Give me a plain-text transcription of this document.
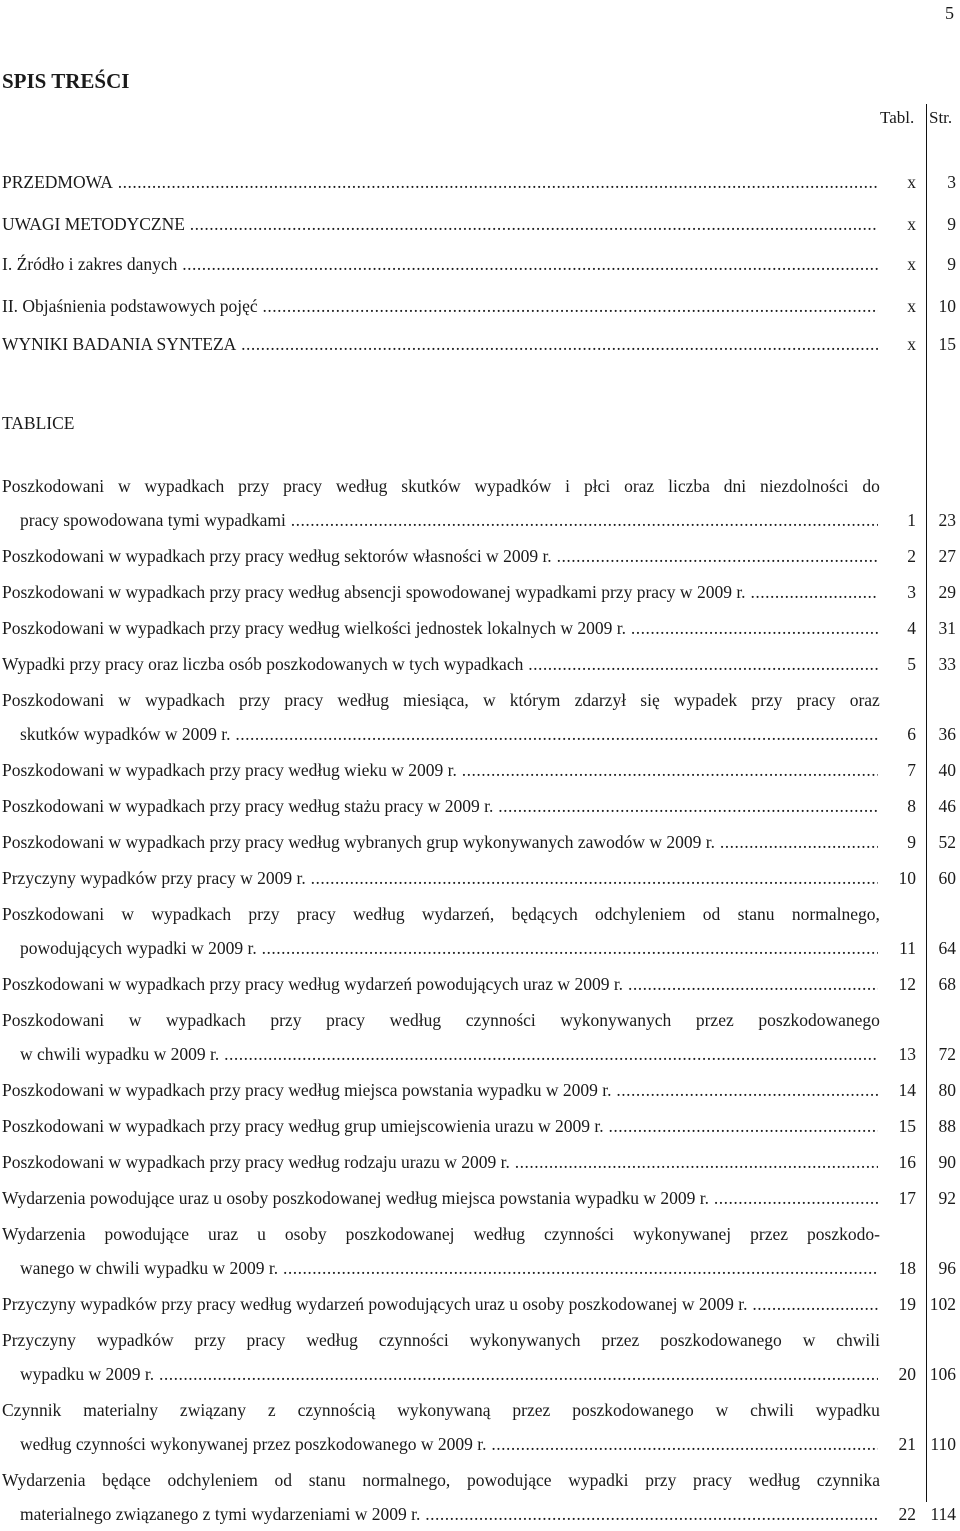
5
SPIS TREŚCI
Tabl. Str.
PRZEDMOWA .....	x	3
UWAGI METODYCZNE .....	x	9
I. Źródło i zakres danych .....	x	9
II. Objaśnienia podstawowych pojęć .....	x	10
WYNIKI BADANIA SYNTEZA .....	x	15
TABLICE
Poszkodowani w wypadkach przy pracy według skutków wypadków i płci oraz liczba dni niezdolności do
pracy spowodowana tymi wypadkami .....	1	23
Poszkodowani w wypadkach przy pracy według sektorów własności w 2009 r. .....	2	27
Poszkodowani w wypadkach przy pracy według absencji spowodowanej wypadkami przy pracy w 2009 r. .....	3	29
Poszkodowani w wypadkach przy pracy według wielkości jednostek lokalnych w 2009 r. .....	4	31
Wypadki przy pracy oraz liczba osób poszkodowanych w tych wypadkach .....	5	33
Poszkodowani w wypadkach przy pracy według miesiąca, w którym zdarzył się wypadek przy pracy oraz
skutków wypadków w 2009 r. .....	6	36
Poszkodowani w wypadkach przy pracy według wieku w 2009 r. .....	7	40
Poszkodowani w wypadkach przy pracy według stażu pracy w 2009 r. .....	8	46
Poszkodowani w wypadkach przy pracy według wybranych grup wykonywanych zawodów w 2009 r. .....	9	52
Przyczyny wypadków przy pracy w 2009 r. .....	10	60
Poszkodowani w wypadkach przy pracy według wydarzeń, będących odchyleniem od stanu normalnego,
powodujących wypadki w 2009 r. .....	11	64
Poszkodowani w wypadkach przy pracy według wydarzeń powodujących uraz w 2009 r. .....	12	68
Poszkodowani w wypadkach przy pracy według czynności wykonywanych przez poszkodowanego
w chwili wypadku w 2009 r. .....	13	72
Poszkodowani w wypadkach przy pracy według miejsca powstania wypadku w 2009 r. .....	14	80
Poszkodowani w wypadkach przy pracy według grup umiejscowienia urazu w 2009 r. .....	15	88
Poszkodowani w wypadkach przy pracy według rodzaju urazu w 2009 r. .....	16	90
Wydarzenia powodujące uraz u osoby poszkodowanej według miejsca powstania wypadku w 2009 r. .....	17	92
Wydarzenia powodujące uraz u osoby poszkodowanej według czynności wykonywanej przez poszkodo-
wanego w chwili wypadku w 2009 r. .....	18	96
Przyczyny wypadków przy pracy według wydarzeń powodujących uraz u osoby poszkodowanej w 2009 r. .....	19 102
Przyczyny wypadków przy pracy według czynności wykonywanych przez poszkodowanego w chwili
wypadku w 2009 r. .....	20 106
Czynnik materialny związany z czynnością wykonywaną przez poszkodowanego w chwili wypadku
według czynności wykonywanej przez poszkodowanego w 2009 r. .....	21 110
Wydarzenia będące odchyleniem od stanu normalnego, powodujące wypadki przy pracy według czynnika
materialnego związanego z tymi wydarzeniami w 2009 r. .....	22 114
